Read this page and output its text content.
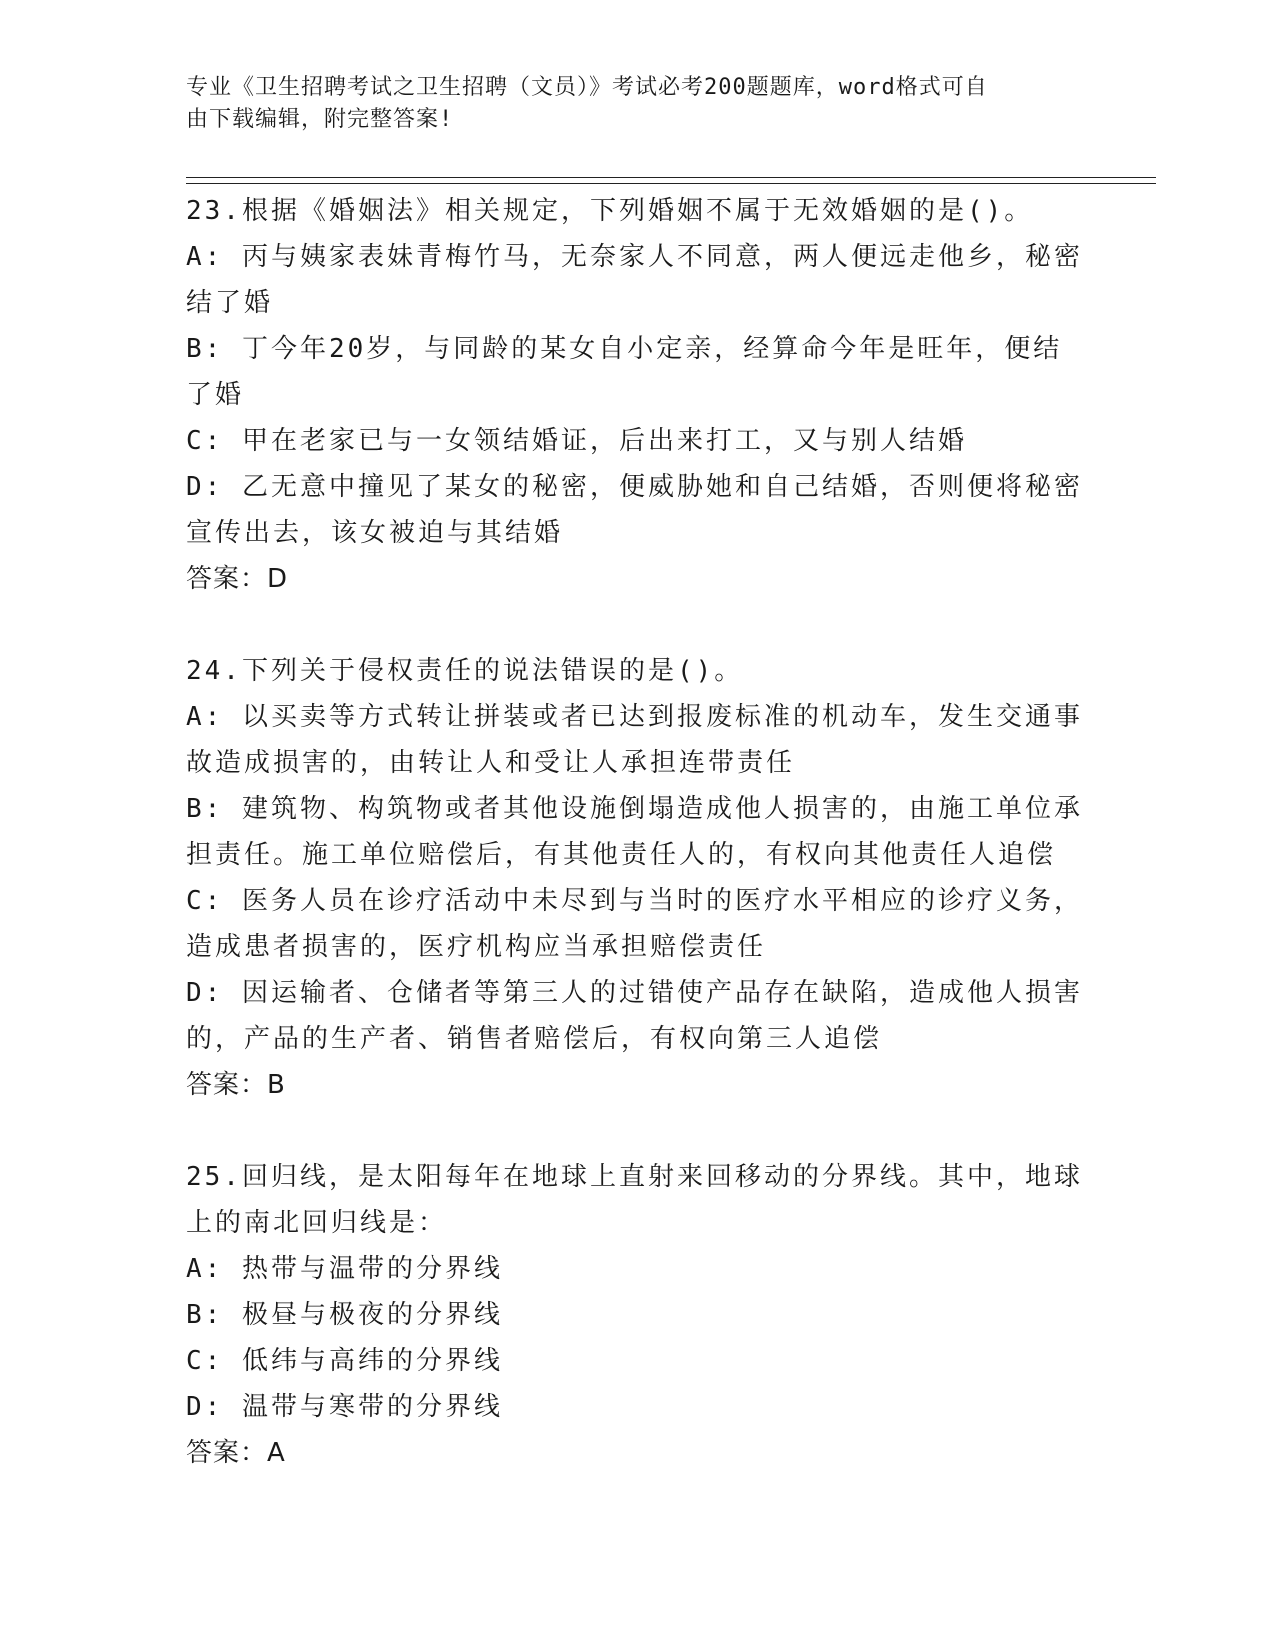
专业《卫生招聘考试之卫生招聘（文员）》考试必考200题题库，word格式可自
由下载编辑，附完整答案!
23.根据《婚姻法》相关规定，下列婚姻不属于无效婚姻的是()。
A: 丙与姨家表妹青梅竹马，无奈家人不同意，两人便远走他乡，秘密
结了婚
B: 丁今年20岁，与同龄的某女自小定亲，经算命今年是旺年，便结
了婚
C: 甲在老家已与一女领结婚证，后出来打工，又与别人结婚
D: 乙无意中撞见了某女的秘密，便威胁她和自己结婚，否则便将秘密
宣传出去，该女被迫与其结婚
答案：D
24.下列关于侵权责任的说法错误的是()。
A: 以买卖等方式转让拼装或者已达到报废标准的机动车，发生交通事
故造成损害的，由转让人和受让人承担连带责任
B: 建筑物、构筑物或者其他设施倒塌造成他人损害的，由施工单位承
担责任。施工单位赔偿后，有其他责任人的，有权向其他责任人追偿
C: 医务人员在诊疗活动中未尽到与当时的医疗水平相应的诊疗义务，
造成患者损害的，医疗机构应当承担赔偿责任
D: 因运输者、仓储者等第三人的过错使产品存在缺陷，造成他人损害
的，产品的生产者、销售者赔偿后，有权向第三人追偿
答案：B
25.回归线，是太阳每年在地球上直射来回移动的分界线。其中，地球
上的南北回归线是：
A: 热带与温带的分界线
B: 极昼与极夜的分界线
C: 低纬与高纬的分界线
D: 温带与寒带的分界线
答案：A
